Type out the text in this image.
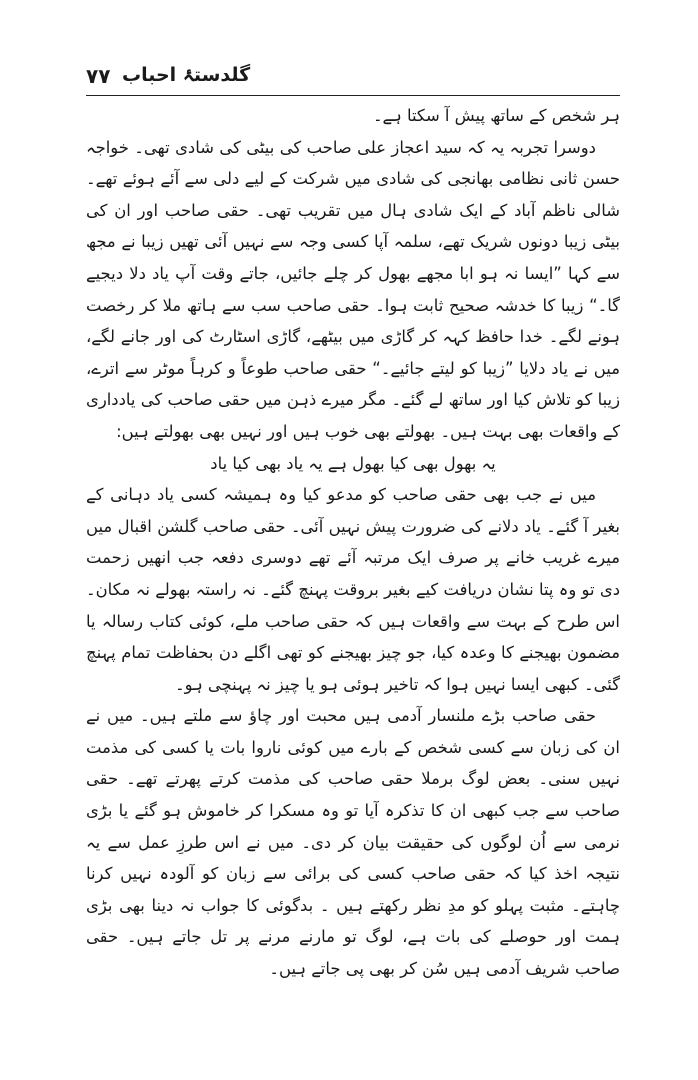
۷۷ گلدستۂ احباب

ہر شخص کے ساتھ پیش آ سکتا ہے۔

دوسرا تجربہ یہ کہ سید اعجاز علی صاحب کی بیٹی کی شادی تھی۔ خواجہ حسن ثانی نظامی بھانجی کی شادی میں شرکت کے لیے دلی سے آئے ہوئے تھے۔ شالی ناظم آباد کے ایک شادی ہال میں تقریب تھی۔ حقی صاحب اور ان کی بیٹی زیبا دونوں شریک تھے، سلمہ آپا کسی وجہ سے نہیں آئی تھیں زیبا نے مجھ سے کہا ”ایسا نہ ہو ابا مجھے بھول کر چلے جائیں، جاتے وقت آپ یاد دلا دیجیے گا۔“ زیبا کا خدشہ صحیح ثابت ہوا۔ حقی صاحب سب سے ہاتھ ملا کر رخصت ہونے لگے۔ خدا حافظ کہہ کر گاڑی میں بیٹھے، گاڑی اسٹارٹ کی اور جانے لگے، میں نے یاد دلایا ”زیبا کو لیتے جائیے۔“ حقی صاحب طوعاً و کرہاً موٹر سے اترے، زیبا کو تلاش کیا اور ساتھ لے گئے۔ مگر میرے ذہن میں حقی صاحب کی یادداری کے واقعات بھی بہت ہیں۔ بھولتے بھی خوب ہیں اور نہیں بھی بھولتے ہیں:

یہ بھول بھی کیا بھول ہے یہ یاد بھی کیا یاد

میں نے جب بھی حقی صاحب کو مدعو کیا وہ ہمیشہ کسی یاد دہانی کے بغیر آ گئے۔ یاد دلانے کی ضرورت پیش نہیں آئی۔ حقی صاحب گلشن اقبال میں میرے غریب خانے پر صرف ایک مرتبہ آئے تھے دوسری دفعہ جب انھیں زحمت دی تو وہ پتا نشان دریافت کیے بغیر بروقت پہنچ گئے۔ نہ راستہ بھولے نہ مکان۔ اس طرح کے بہت سے واقعات ہیں کہ حقی صاحب ملے، کوئی کتاب رسالہ یا مضمون بھیجنے کا وعدہ کیا، جو چیز بھیجنے کو تھی اگلے دن بحفاظت تمام پہنچ گئی۔ کبھی ایسا نہیں ہوا کہ تاخیر ہوئی ہو یا چیز نہ پہنچی ہو۔

حقی صاحب بڑے ملنسار آدمی ہیں محبت اور چاؤ سے ملتے ہیں۔ میں نے ان کی زبان سے کسی شخص کے بارے میں کوئی ناروا بات یا کسی کی مذمت نہیں سنی۔ بعض لوگ برملا حقی صاحب کی مذمت کرتے پھرتے تھے۔ حقی صاحب سے جب کبھی ان کا تذکرہ آیا تو وہ مسکرا کر خاموش ہو گئے یا بڑی نرمی سے اُن لوگوں کی حقیقت بیان کر دی۔ میں نے اس طرزِ عمل سے یہ نتیجہ اخذ کیا کہ حقی صاحب کسی کی برائی سے زبان کو آلودہ نہیں کرنا چاہتے۔ مثبت پہلو کو مدِ نظر رکھتے ہیں ۔ بدگوئی کا جواب نہ دینا بھی بڑی ہمت اور حوصلے کی بات ہے، لوگ تو مارنے مرنے پر تل جاتے ہیں۔ حقی صاحب شریف آدمی ہیں سُن کر بھی پی جاتے ہیں۔
